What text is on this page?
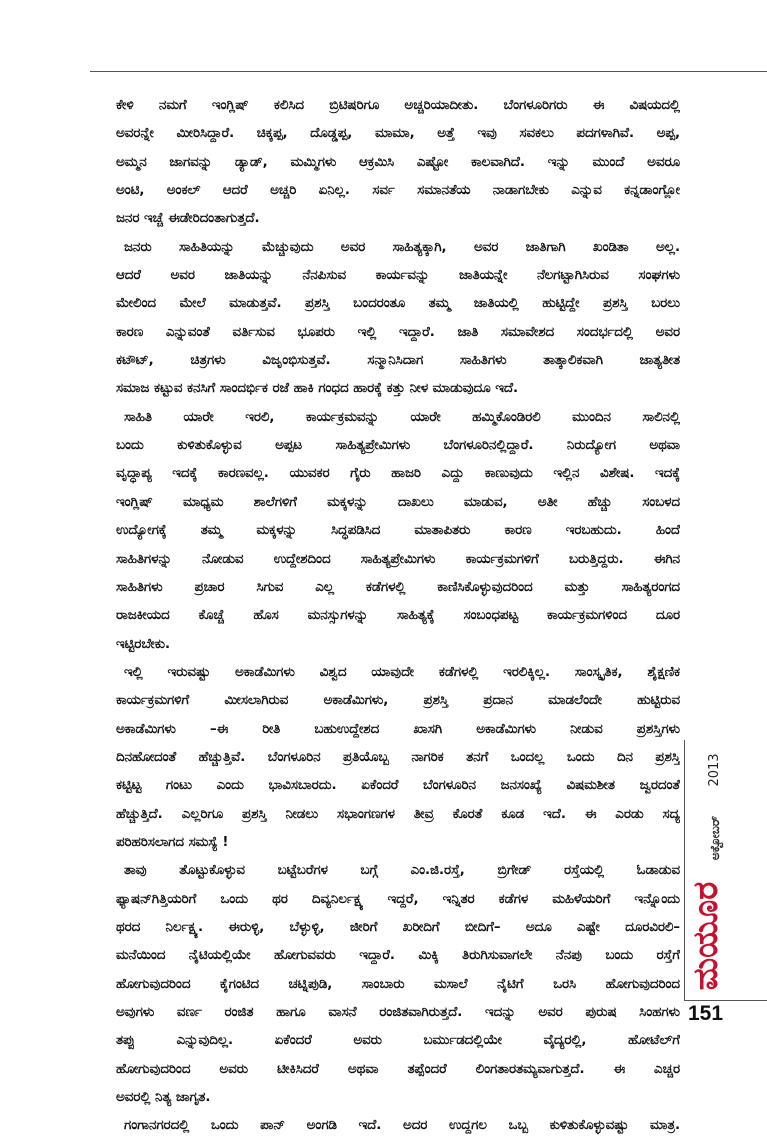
ಕೇಳಿ ನಮಗೆ ಇಂಗ್ಲಿಷ್ ಕಲಿಸಿದ ಬ್ರಿಟಿಷರಿಗೂ ಅಚ್ಚರಿಯಾದೀತು. ಬೆಂಗಳೂರಿಗರು ಈ ವಿಷಯದಲ್ಲಿ

ಅವರನ್ನೇ ಮೀರಿಸಿದ್ದಾರೆ. ಚಿಕ್ಕಪ್ಪ, ದೊಡ್ಡಪ್ಪ, ಮಾಮಾ, ಅತ್ತೆ ಇವು ಸವಕಲು ಪದಗಳಾಗಿವೆ. ಅಪ್ಪ,

ಅಮ್ಮನ ಜಾಗವನ್ನು ಡ್ಯಾಡ್, ಮಮ್ಮಿಗಳು ಆಕ್ರಮಿಸಿ ಎಷ್ಟೋ ಕಾಲವಾಗಿದೆ. ಇನ್ನು ಮುಂದೆ ಅವರೂ

ಅಂಟಿ, ಅಂಕಲ್ ಆದರೆ ಅಚ್ಚರಿ ಏನಿಲ್ಲ. ಸರ್ವ ಸಮಾನತೆಯ ನಾಡಾಗಬೇಕು ಎನ್ನುವ ಕನ್ನಡಾಂಗ್ಲೋ

ಜನರ ಇಚ್ಚೆ ಈಡೇರಿದಂತಾಗುತ್ತದೆ.

ಜನರು ಸಾಹಿತಿಯನ್ನು ಮೆಚ್ಚುವುದು ಅವರ ಸಾಹಿತ್ಯಕ್ಕಾಗಿ, ಅವರ ಜಾತಿಗಾಗಿ ಖಂಡಿತಾ ಅಲ್ಲ.

ಆದರೆ ಅವರ ಜಾತಿಯನ್ನು ನೆನಪಿಸುವ ಕಾರ್ಯವನ್ನು ಜಾತಿಯನ್ನೇ ನೆಲಗಟ್ಟಾಗಿಸಿರುವ ಸಂಘಗಳು

ಮೇಲಿಂದ ಮೇಲೆ ಮಾಡುತ್ತವೆ. ಪ್ರಶಸ್ತಿ ಬಂದರಂತೂ ತಮ್ಮ ಜಾತಿಯಲ್ಲಿ ಹುಟ್ಟಿದ್ದೇ ಪ್ರಶಸ್ತಿ ಬರಲು

ಕಾರಣ ಎನ್ನುವಂತೆ ವರ್ತಿಸುವ ಭೂಪರು ಇಲ್ಲಿ ಇದ್ದಾರೆ. ಜಾತಿ ಸಮಾವೇಶದ ಸಂದರ್ಭದಲ್ಲಿ ಅವರ

ಕಟೌಟ್, ಚಿತ್ರಗಳು ವಿಜೃಂಭಿಸುತ್ತವೆ. ಸನ್ಮಾನಿಸಿದಾಗ ಸಾಹಿತಿಗಳು ತಾತ್ಕಾಲಿಕವಾಗಿ ಜಾತ್ಯತೀತ

ಸಮಾಜ ಕಟ್ಟುವ ಕನಸಿಗೆ ಸಾಂದರ್ಭಿಕ ರಜೆ ಹಾಕಿ ಗಂಧದ ಹಾರಕ್ಕೆ ಕತ್ತು ನೀಳ ಮಾಡುವುದೂ ಇದೆ.

ಸಾಹಿತಿ ಯಾರೇ ಇರಲಿ, ಕಾರ್ಯಕ್ರಮವನ್ನು ಯಾರೇ ಹಮ್ಮಿಕೊಂಡಿರಲಿ ಮುಂದಿನ ಸಾಲಿನಲ್ಲಿ

ಬಂದು ಕುಳಿತುಕೊಳ್ಳುವ ಅಪ್ಪಟ ಸಾಹಿತ್ಯಪ್ರೇಮಿಗಳು ಬೆಂಗಳೂರಿನಲ್ಲಿದ್ದಾರೆ. ನಿರುದ್ಯೋಗ ಅಥವಾ

ವೃದ್ಧಾಪ್ಯ ಇದಕ್ಕೆ ಕಾರಣವಲ್ಲ. ಯುವಕರ ಗೈರು ಹಾಜರಿ ಎದ್ದು ಕಾಣುವುದು ಇಲ್ಲಿನ ವಿಶೇಷ. ಇದಕ್ಕೆ

ಇಂಗ್ಲಿಷ್ ಮಾಧ್ಯಮ ಶಾಲೆಗಳಿಗೆ ಮಕ್ಕಳನ್ನು ದಾಖಲು ಮಾಡುವ, ಅತೀ ಹೆಚ್ಚು ಸಂಬಳದ

ಉದ್ಯೋಗಕ್ಕೆ ತಮ್ಮ ಮಕ್ಕಳನ್ನು ಸಿದ್ಧಪಡಿಸಿದ ಮಾತಾಪಿತರು ಕಾರಣ ಇರಬಹುದು. ಹಿಂದೆ

ಸಾಹಿತಿಗಳನ್ನು ನೋಡುವ ಉದ್ದೇಶದಿಂದ ಸಾಹಿತ್ಯಪ್ರೇಮಿಗಳು ಕಾರ್ಯಕ್ರಮಗಳಿಗೆ ಬರುತ್ತಿದ್ದರು. ಈಗಿನ

ಸಾಹಿತಿಗಳು ಪ್ರಚಾರ ಸಿಗುವ ಎಲ್ಲ ಕಡೆಗಳಲ್ಲಿ ಕಾಣಿಸಿಕೊಳ್ಳುವುದರಿಂದ ಮತ್ತು ಸಾಹಿತ್ಯರಂಗದ

ರಾಜಕೀಯದ ಕೊಚ್ಚೆ ಹೊಸ ಮನಸ್ಸುಗಳನ್ನು ಸಾಹಿತ್ಯಕ್ಕೆ ಸಂಬಂಧಪಟ್ಟ ಕಾರ್ಯಕ್ರಮಗಳಿಂದ ದೂರ

ಇಟ್ಟಿರಬೇಕು.

ಇಲ್ಲಿ ಇರುವಷ್ಟು ಅಕಾಡೆಮಿಗಳು ವಿಶ್ವದ ಯಾವುದೇ ಕಡೆಗಳಲ್ಲಿ ಇರಲಿಕ್ಕಿಲ್ಲ. ಸಾಂಸ್ಕೃತಿಕ, ಶೈಕ್ಷಣಿಕ

ಕಾರ್ಯಕ್ರಮಗಳಿಗೆ ಮೀಸಲಾಗಿರುವ ಅಕಾಡೆಮಿಗಳು, ಪ್ರಶಸ್ತಿ ಪ್ರದಾನ ಮಾಡಲೆಂದೇ ಹುಟ್ಟಿರುವ

ಅಕಾಡೆಮಿಗಳು –ಈ ರೀತಿ ಬಹುಉದ್ದೇಶದ ಖಾಸಗಿ ಅಕಾಡೆಮಿಗಳು ನೀಡುವ ಪ್ರಶಸ್ತಿಗಳು

ದಿನಹೋದಂತೆ ಹೆಚ್ಚುತ್ತಿವೆ. ಬೆಂಗಳೂರಿನ ಪ್ರತಿಯೊಬ್ಬ ನಾಗರಿಕ ತನಗೆ ಒಂದಲ್ಲ ಒಂದು ದಿನ ಪ್ರಶಸ್ತಿ

ಕಟ್ಟಿಟ್ಟ ಗಂಟು ಎಂದು ಭಾವಿಸಬಾರದು. ಏಕೆಂದರೆ ಬೆಂಗಳೂರಿನ ಜನಸಂಖ್ಯೆ ವಿಷಮಶೀತ ಜ್ವರದಂತೆ

ಹೆಚ್ಚುತ್ತಿದೆ. ಎಲ್ಲರಿಗೂ ಪ್ರಶಸ್ತಿ ನೀಡಲು ಸಭಾಂಗಣಗಳ ತೀವ್ರ ಕೊರತೆ ಕೂಡ ಇದೆ. ಈ ಎರಡು ಸದ್ಯ

ಪರಿಹರಿಸಲಾಗದ ಸಮಸ್ಯೆ !

ತಾವು ತೊಟ್ಟುಕೊಳ್ಳುವ ಬಟ್ಟೆಬರೆಗಳ ಬಗ್ಗೆ ಎಂ.ಜಿ.ರಸ್ತೆ, ಬ್ರಿಗೇಡ್ ರಸ್ತೆಯಲ್ಲಿ ಓಡಾಡುವ

ಫ್ಯಾಷನ್‌ಗಿತ್ತಿಯರಿಗೆ ಒಂದು ಥರ ದಿವ್ಯನಿರ್ಲಕ್ಷ್ಯ ಇದ್ದರೆ, ಇನ್ನಿತರ ಕಡೆಗಳ ಮಹಿಳೆಯರಿಗೆ ಇನ್ನೊಂದು

ಥರದ ನಿರ್ಲಕ್ಷ್ಯ. ಈರುಳ್ಳಿ, ಬೆಳ್ಳುಳ್ಳಿ, ಜೀರಿಗೆ ಖರೀದಿಗೆ ಬೀದಿಗೆ– ಅದೂ ಎಷ್ಟೇ ದೂರವಿರಲಿ–

ಮನೆಯಿಂದ ನೈಟಿಯಲ್ಲಿಯೇ ಹೋಗುವವರು ಇದ್ದಾರೆ. ಮಿಕ್ಕಿ ತಿರುಗಿಸುವಾಗಲೇ ನೆನಪು ಬಂದು ರಸ್ತೆಗೆ

ಹೋಗುವುದರಿಂದ ಕೈಗಂಟಿದ ಚಟ್ನಿಪುಡಿ, ಸಾಂಬಾರು ಮಸಾಲೆ ನೈಟಿಗೆ ಒರಸಿ ಹೋಗುವುದರಿಂದ

ಅವುಗಳು ವರ್ಣ ರಂಜಿತ ಹಾಗೂ ವಾಸನೆ ರಂಜಿತವಾಗಿರುತ್ತದೆ. ಇದನ್ನು ಅವರ ಪುರುಷ ಸಿಂಹಗಳು

ತಪ್ಪು ಎನ್ನುವುದಿಲ್ಲ. ಏಕೆಂದರೆ ಅವರು ಬರ್ಮುಡದಲ್ಲಿಯೇ ವೈದ್ಯರಲ್ಲಿ, ಹೋಟೆಲ್‌ಗೆ

ಹೋಗುವುದರಿಂದ ಅವರು ಟೀಕಿಸಿದರೆ ಅಥವಾ ತಪ್ಪೆಂದರೆ ಲಿಂಗತಾರತಮ್ಯವಾಗುತ್ತದೆ. ಈ ಎಚ್ಚರ

ಅವರಲ್ಲಿ ನಿತ್ಯ ಜಾಗೃತ.

ಗಂಗಾನಗರದಲ್ಲಿ ಒಂದು ಪಾನ್ ಅಂಗಡಿ ಇದೆ. ಅದರ ಉದ್ದಗಲ ಒಬ್ಬ ಕುಳಿತುಕೊಳ್ಳುವಷ್ಟು ಮಾತ್ರ.

2013
ಅಕ್ಟೋಬರ್
ಮಯೂರ
151
